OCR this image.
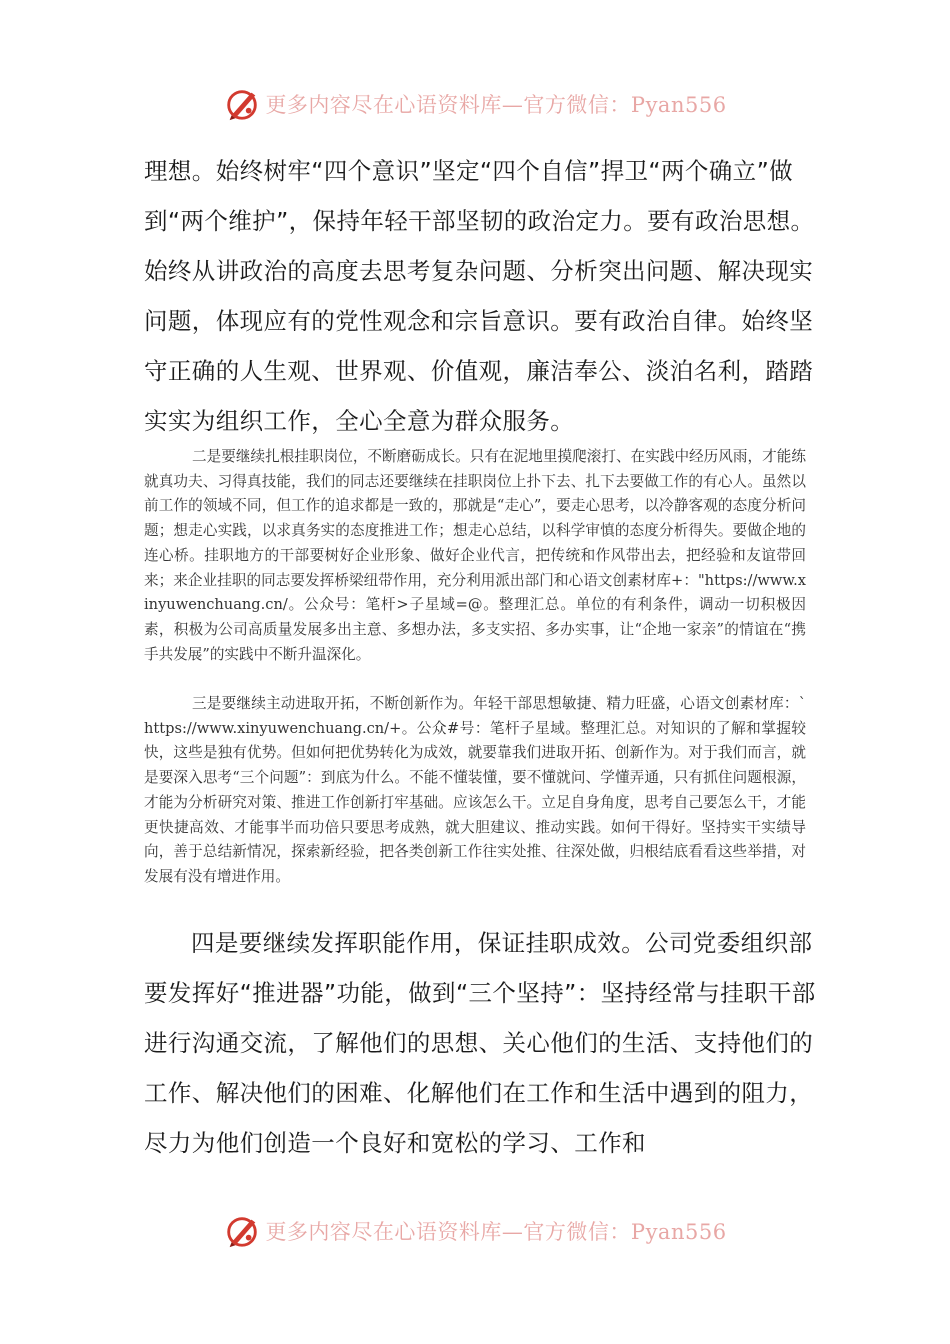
更多内容尽在心语资料库—官方微信：Pyan556

理想。始终树牢“四个意识”坚定“四个自信”捍卫“两个确立”做到“两个维护”，保持年轻干部坚韧的政治定力。要有政治思想。始终从讲政治的高度去思考复杂问题、分析突出问题、解决现实问题，体现应有的党性观念和宗旨意识。要有政治自律。始终坚守正确的人生观、世界观、价值观，廉洁奉公、淡泊名利，踏踏实实为组织工作，全心全意为群众服务。

二是要继续扎根挂职岗位，不断磨砺成长。只有在泥地里摸爬滚打、在实践中经历风雨，才能练就真功夫、习得真技能，我们的同志还要继续在挂职岗位上扑下去、扎下去要做工作的有心人。虽然以前工作的领域不同，但工作的追求都是一致的，那就是“走心”，要走心思考，以冷静客观的态度分析问题；想走心实践，以求真务实的态度推进工作；想走心总结，以科学审慎的态度分析得失。要做企地的连心桥。挂职地方的干部要树好企业形象、做好企业代言，把传统和作风带出去，把经验和友谊带回来；来企业挂职的同志要发挥桥梁纽带作用，充分利用派出部门和心语文创素材库+："https://www.xinyuwenchuang.cn/。公众号：笔杆>子星域=@。整理汇总。单位的有利条件，调动一切积极因素，积极为公司高质量发展多出主意、多想办法，多支实招、多办实事，让“企地一家亲”的情谊在“携手共发展”的实践中不断升温深化。

三是要继续主动进取开拓，不断创新作为。年轻干部思想敏捷、精力旺盛，心语文创素材库：`https://www.xinyuwenchuang.cn/+。公众#号：笔杆子星域。整理汇总。对知识的了解和掌握较快，这些是独有优势。但如何把优势转化为成效，就要靠我们进取开拓、创新作为。对于我们而言，就是要深入思考“三个问题”：到底为什么。不能不懂装懂，要不懂就问、学懂弄通，只有抓住问题根源，才能为分析研究对策、推进工作创新打牢基础。应该怎么干。立足自身角度，思考自己要怎么干，才能更快捷高效、才能事半而功倍只要思考成熟，就大胆建议、推动实践。如何干得好。坚持实干实绩导向，善于总结新情况，探索新经验，把各类创新工作往实处推、往深处做，归根结底看看这些举措，对发展有没有增进作用。

四是要继续发挥职能作用，保证挂职成效。公司党委组织部要发挥好“推进器”功能，做到“三个坚持”：坚持经常与挂职干部进行沟通交流，了解他们的思想、关心他们的生活、支持他们的工作、解决他们的困难、化解他们在工作和生活中遇到的阻力，尽力为他们创造一个良好和宽松的学习、工作和

更多内容尽在心语资料库—官方微信：Pyan556
